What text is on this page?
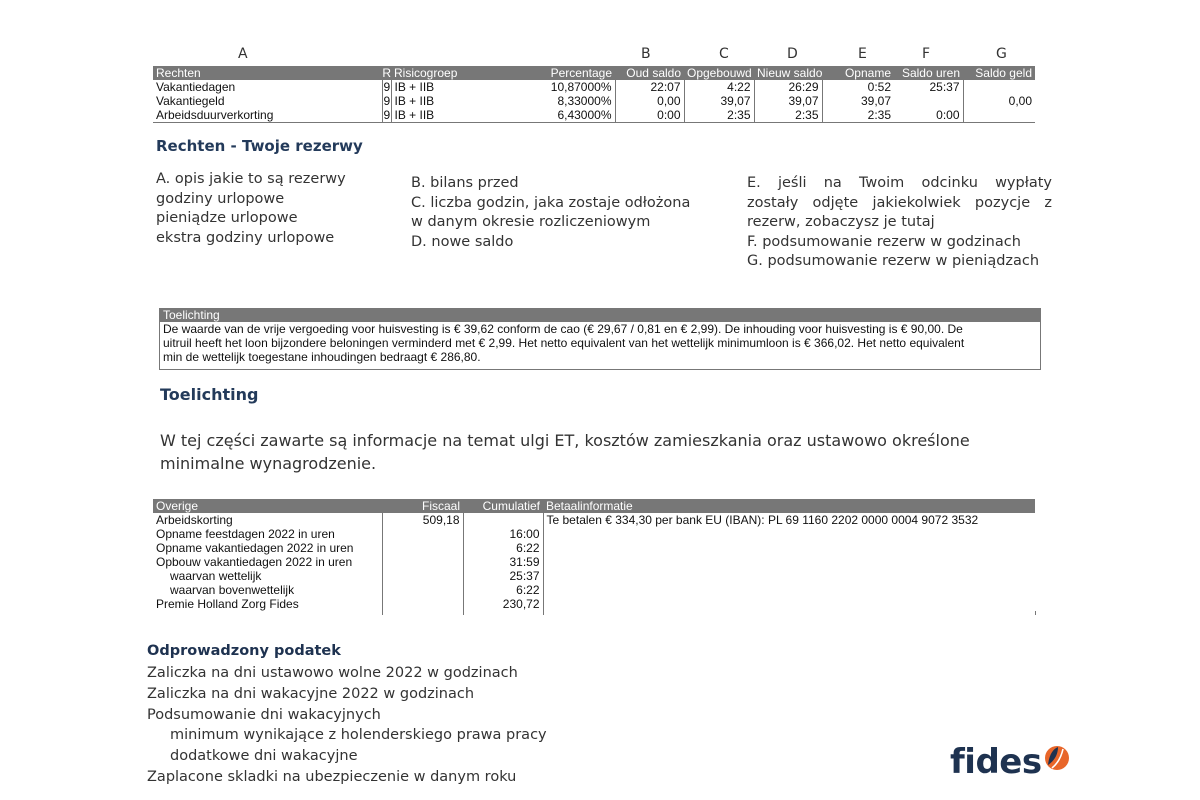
A	B	C	D	E	F	G
Rechten	R	Risicogroep	Percentage	Oud saldo	Opgebouwd	Nieuw saldo	Opname	Saldo uren	Saldo geld
Vakantiedagen	9	IB + IIB	10,87000%	22:07	4:22	26:29	0:52	25:37	
Vakantiegeld	9	IB + IIB	8,33000%	0,00	39,07	39,07	39,07		0,00
Arbeidsduurverkorting	9	IB + IIB	6,43000%	0:00	2:35	2:35	2:35	0:00	
Rechten - Twoje rezerwy
A. opis jakie to są rezerwy
godziny urlopowe
pieniądze urlopowe
ekstra godziny urlopowe
B. bilans przed
C. liczba godzin, jaka zostaje odłożona
w danym okresie rozliczeniowym
D. nowe saldo
E. jeśli na Twoim odcinku wypłaty
zostały odjęte jakiekolwiek pozycje z
rezerw, zobaczysz je tutaj
F. podsumowanie rezerw w godzinach
G. podsumowanie rezerw w pieniądzach
Toelichting
De waarde van de vrije vergoeding voor huisvesting is € 39,62 conform de cao (€ 29,67 / 0,81 en € 2,99). De inhouding voor huisvesting is € 90,00. De
uitruil heeft het loon bijzondere beloningen verminderd met € 2,99. Het netto equivalent van het wettelijk minimumloon is € 366,02. Het netto equivalent
min de wettelijk toegestane inhoudingen bedraagt € 286,80.
Toelichting
W tej części zawarte są informacje na temat ulgi ET, kosztów zamieszkania oraz ustawowo określone
minimalne wynagrodzenie.
Overige	Fiscaal	Cumulatief	Betaalinformatie
Arbeidskorting	509,18		Te betalen € 334,30 per bank EU (IBAN): PL 69 1160 2202 0000 0004 9072 3532
Opname feestdagen 2022 in uren		16:00	
Opname vakantiedagen 2022 in uren		6:22	
Opbouw vakantiedagen 2022 in uren		31:59	
waarvan wettelijk		25:37	
waarvan bovenwettelijk		6:22	
Premie Holland Zorg Fides		230,72	

Odprowadzony podatek
Zaliczka na dni ustawowo wolne 2022 w godzinach
Zaliczka na dni wakacyjne 2022 w godzinach
Podsumowanie dni wakacyjnych
minimum wynikające z holenderskiego prawa pracy
dodatkowe dni wakacyjne
Zaplacone skladki na ubezpieczenie w danym roku	fides
